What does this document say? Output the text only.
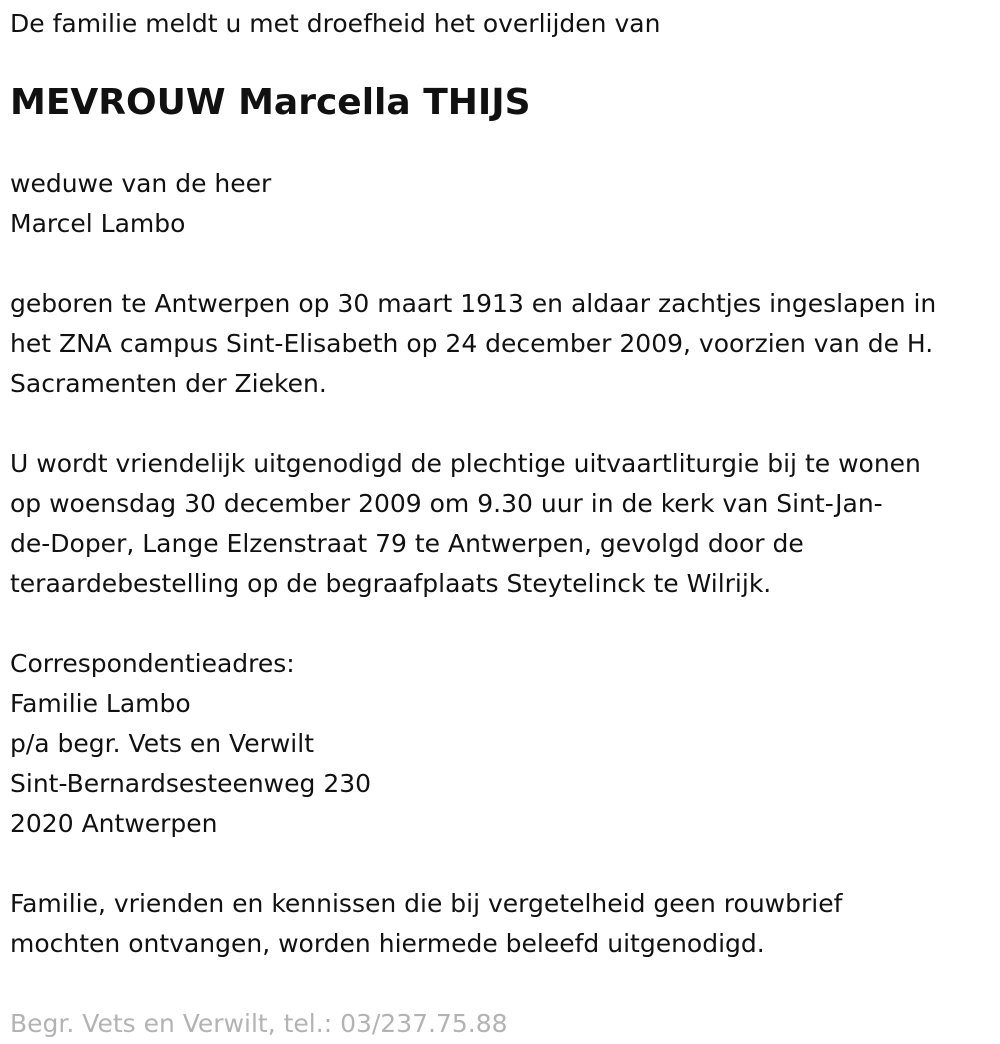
De familie meldt u met droefheid het overlijden van

MEVROUW Marcella THIJS

weduwe van de heer

Marcel Lambo

geboren te Antwerpen op 30 maart 1913 en aldaar zachtjes ingeslapen in

het ZNA campus Sint-Elisabeth op 24 december 2009, voorzien van de H.

Sacramenten der Zieken.

U wordt vriendelijk uitgenodigd de plechtige uitvaartliturgie bij te wonen

op woensdag 30 december 2009 om 9.30 uur in de kerk van Sint-Jan-

de-Doper, Lange Elzenstraat 79 te Antwerpen, gevolgd door de

teraardebestelling op de begraafplaats Steytelinck te Wilrijk.

Correspondentieadres:

Familie Lambo

p/a begr. Vets en Verwilt

Sint-Bernardsesteenweg 230

2020 Antwerpen

Familie, vrienden en kennissen die bij vergetelheid geen rouwbrief

mochten ontvangen, worden hiermede beleefd uitgenodigd.

Begr. Vets en Verwilt, tel.: 03/237.75.88
